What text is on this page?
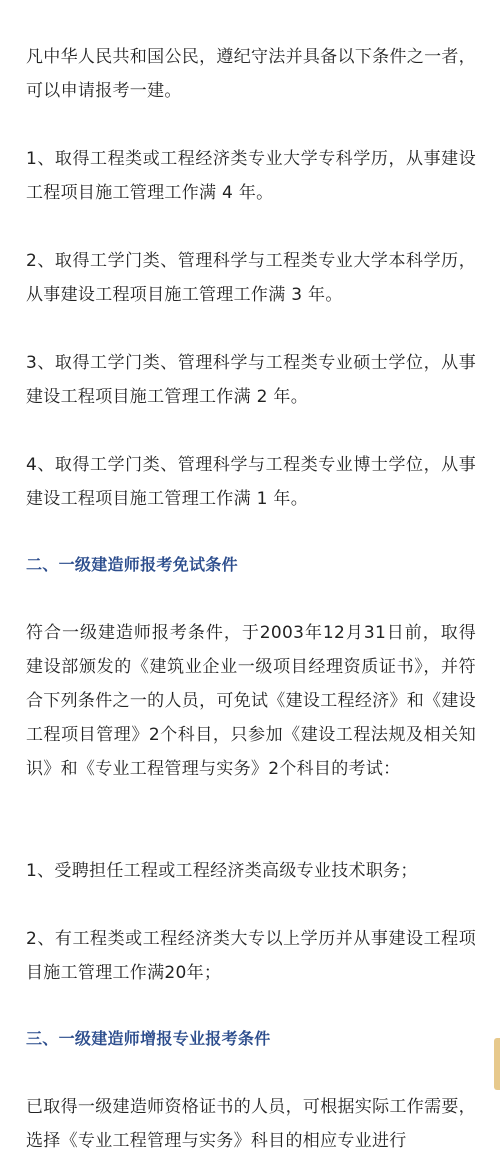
凡中华人民共和国公民，遵纪守法并具备以下条件之一者，可以申请报考一建。

1、取得工程类或工程经济类专业大学专科学历，从事建设工程项目施工管理工作满 4 年。

2、取得工学门类、管理科学与工程类专业大学本科学历，从事建设工程项目施工管理工作满 3 年。

3、取得工学门类、管理科学与工程类专业硕士学位，从事建设工程项目施工管理工作满 2 年。

4、取得工学门类、管理科学与工程类专业博士学位，从事建设工程项目施工管理工作满 1 年。

二、一级建造师报考免试条件

符合一级建造师报考条件，于2003年12月31日前，取得建设部颁发的《建筑业企业一级项目经理资质证书》，并符合下列条件之一的人员，可免试《建设工程经济》和《建设工程项目管理》2个科目，只参加《建设工程法规及相关知识》和《专业工程管理与实务》2个科目的考试：

1、受聘担任工程或工程经济类高级专业技术职务；

2、有工程类或工程经济类大专以上学历并从事建设工程项目施工管理工作满20年；

三、一级建造师增报专业报考条件

已取得一级建造师资格证书的人员，可根据实际工作需要，选择《专业工程管理与实务》科目的相应专业进行
